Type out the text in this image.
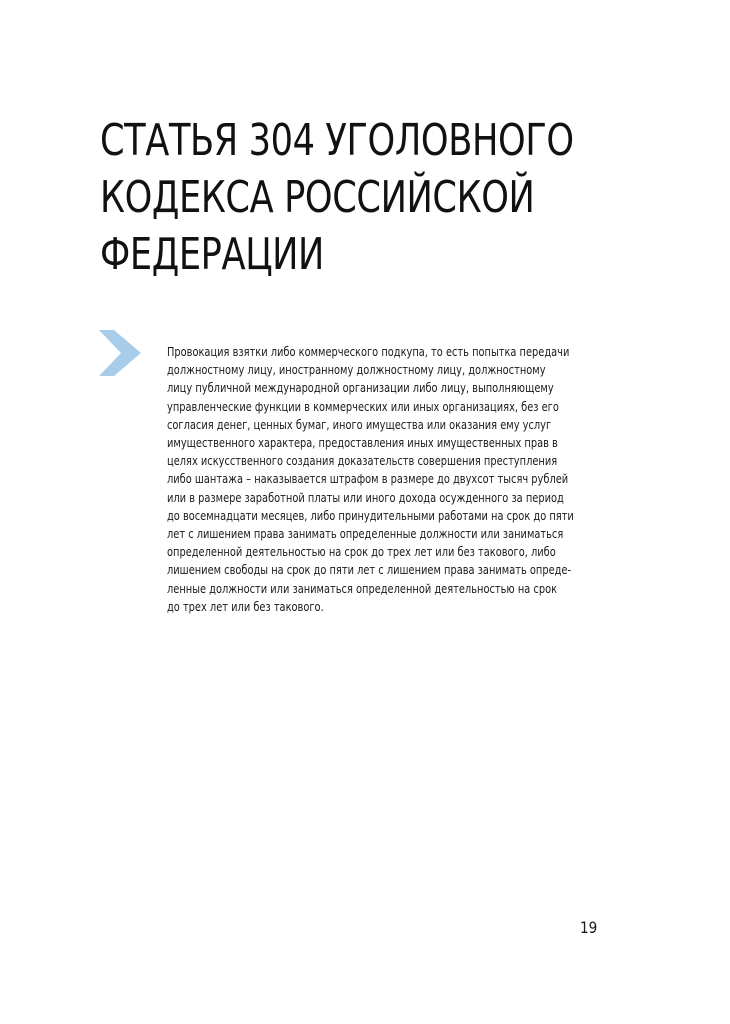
СТАТЬЯ 304 УГОЛОВНОГО
КОДЕКСА РОССИЙСКОЙ
ФЕДЕРАЦИИ

Провокация взятки либо коммерческого подкупа, то есть попытка передачи
должностному лицу, иностранному должностному лицу, должностному
лицу публичной международной организации либо лицу, выполняющему
управленческие функции в коммерческих или иных организациях, без его
согласия денег, ценных бумаг, иного имущества или оказания ему услуг
имущественного характера, предоставления иных имущественных прав в
целях искусственного создания доказательств совершения преступления
либо шантажа – наказывается штрафом в размере до двухсот тысяч рублей
или в размере заработной платы или иного дохода осужденного за период
до восемнадцати месяцев, либо принудительными работами на срок до пяти
лет с лишением права занимать определенные должности или заниматься
определенной деятельностью на срок до трех лет или без такового, либо
лишением свободы на срок до пяти лет с лишением права занимать опреде-
ленные должности или заниматься определенной деятельностью на срок
до трех лет или без такового.

19
